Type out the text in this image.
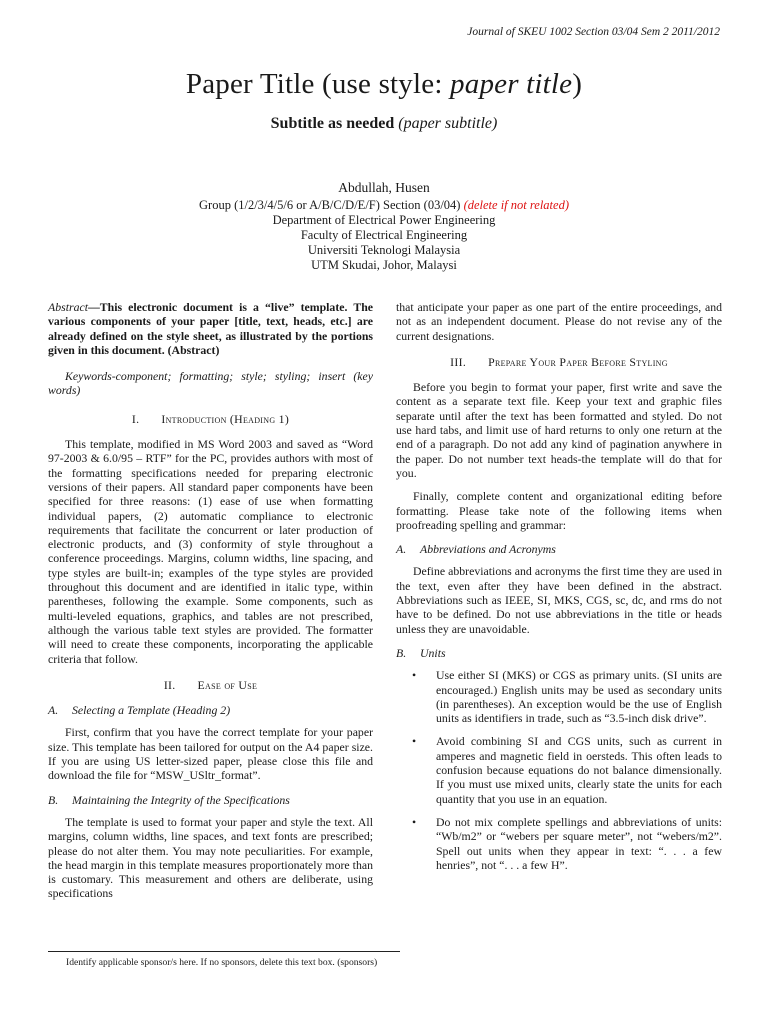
Journal of SKEU 1002 Section 03/04 Sem 2 2011/2012
Paper Title (use style: paper title)
Subtitle as needed (paper subtitle)
Abdullah, Husen
Group (1/2/3/4/5/6 or A/B/C/D/E/F) Section (03/04) (delete if not related)
Department of Electrical Power Engineering
Faculty of Electrical Engineering
Universiti Teknologi Malaysia
UTM Skudai, Johor, Malaysi

Abstract—This electronic document is a “live” template. The various components of your paper [title, text, heads, etc.] are already defined on the style sheet, as illustrated by the portions given in this document. (Abstract)

Keywords-component; formatting; style; styling; insert (key words)

I. Introduction (Heading 1)

This template, modified in MS Word 2003 and saved as “Word 97-2003 & 6.0/95 – RTF” for the PC, provides authors with most of the formatting specifications needed for preparing electronic versions of their papers. All standard paper components have been specified for three reasons: (1) ease of use when formatting individual papers, (2) automatic compliance to electronic requirements that facilitate the concurrent or later production of electronic products, and (3) conformity of style throughout a conference proceedings. Margins, column widths, line spacing, and type styles are built-in; examples of the type styles are provided throughout this document and are identified in italic type, within parentheses, following the example. Some components, such as multi-leveled equations, graphics, and tables are not prescribed, although the various table text styles are provided. The formatter will need to create these components, incorporating the applicable criteria that follow.

II. Ease of Use
A. Selecting a Template (Heading 2)

First, confirm that you have the correct template for your paper size. This template has been tailored for output on the A4 paper size. If you are using US letter-sized paper, please close this file and download the file for “MSW_USltr_format”.

B. Maintaining the Integrity of the Specifications

The template is used to format your paper and style the text. All margins, column widths, line spaces, and text fonts are prescribed; please do not alter them. You may note peculiarities. For example, the head margin in this template measures proportionately more than is customary. This measurement and others are deliberate, using specifications

that anticipate your paper as one part of the entire proceedings, and not as an independent document. Please do not revise any of the current designations.

III. Prepare Your Paper Before Styling

Before you begin to format your paper, first write and save the content as a separate text file. Keep your text and graphic files separate until after the text has been formatted and styled. Do not use hard tabs, and limit use of hard returns to only one return at the end of a paragraph. Do not add any kind of pagination anywhere in the paper. Do not number text heads-the template will do that for you.

Finally, complete content and organizational editing before formatting. Please take note of the following items when proofreading spelling and grammar:

A. Abbreviations and Acronyms

Define abbreviations and acronyms the first time they are used in the text, even after they have been defined in the abstract. Abbreviations such as IEEE, SI, MKS, CGS, sc, dc, and rms do not have to be defined. Do not use abbreviations in the title or heads unless they are unavoidable.

B. Units
• Use either SI (MKS) or CGS as primary units. (SI units are encouraged.) English units may be used as secondary units (in parentheses). An exception would be the use of English units as identifiers in trade, such as “3.5-inch disk drive”.
• Avoid combining SI and CGS units, such as current in amperes and magnetic field in oersteds. This often leads to confusion because equations do not balance dimensionally. If you must use mixed units, clearly state the units for each quantity that you use in an equation.
• Do not mix complete spellings and abbreviations of units: “Wb/m2” or “webers per square meter”, not “webers/m2”. Spell out units when they appear in text: “. . . a few henries”, not “. . . a few H”.
Identify applicable sponsor/s here. If no sponsors, delete this text box. (sponsors)
